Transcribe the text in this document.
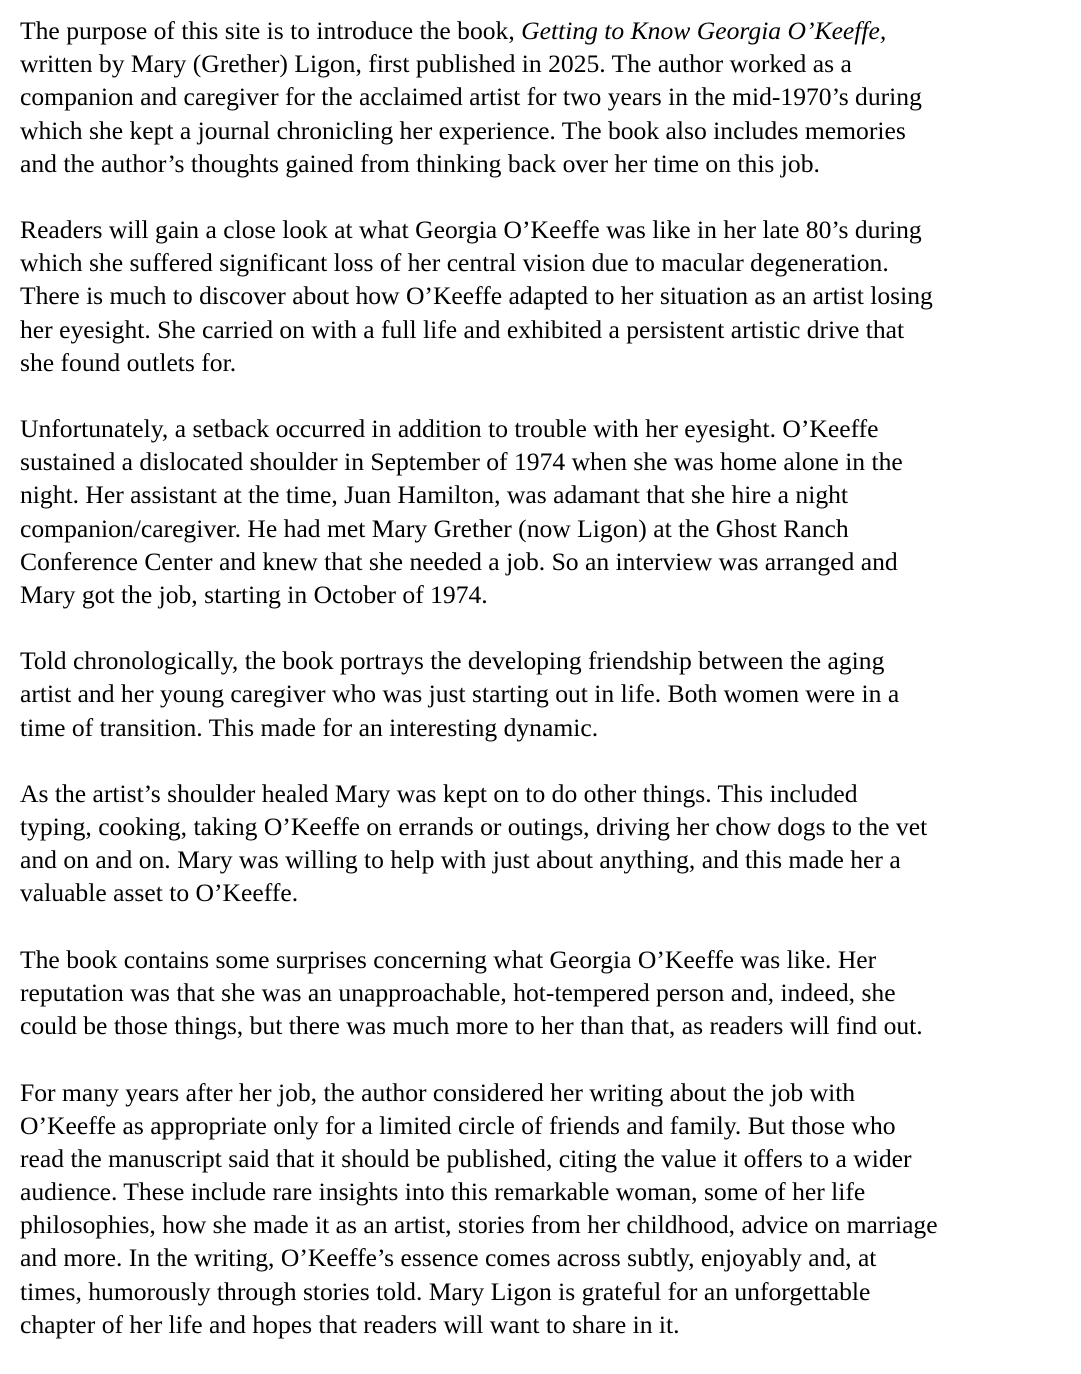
The purpose of this site is to introduce the book, Getting to Know Georgia O’Keeffe,
written by Mary (Grether) Ligon, first published in 2025. The author worked as a
companion and caregiver for the acclaimed artist for two years in the mid-1970’s during
which she kept a journal chronicling her experience. The book also includes memories
and the author’s thoughts gained from thinking back over her time on this job.
Readers will gain a close look at what Georgia O’Keeffe was like in her late 80’s during
which she suffered significant loss of her central vision due to macular degeneration.
There is much to discover about how O’Keeffe adapted to her situation as an artist losing
her eyesight. She carried on with a full life and exhibited a persistent artistic drive that
she found outlets for.
Unfortunately, a setback occurred in addition to trouble with her eyesight. O’Keeffe
sustained a dislocated shoulder in September of 1974 when she was home alone in the
night. Her assistant at the time, Juan Hamilton, was adamant that she hire a night
companion/caregiver. He had met Mary Grether (now Ligon) at the Ghost Ranch
Conference Center and knew that she needed a job. So an interview was arranged and
Mary got the job, starting in October of 1974.
Told chronologically, the book portrays the developing friendship between the aging
artist and her young caregiver who was just starting out in life. Both women were in a
time of transition. This made for an interesting dynamic.
As the artist’s shoulder healed Mary was kept on to do other things. This included
typing, cooking, taking O’Keeffe on errands or outings, driving her chow dogs to the vet
and on and on. Mary was willing to help with just about anything, and this made her a
valuable asset to O’Keeffe.
The book contains some surprises concerning what Georgia O’Keeffe was like. Her
reputation was that she was an unapproachable, hot-tempered person and, indeed, she
could be those things, but there was much more to her than that, as readers will find out.
For many years after her job, the author considered her writing about the job with
O’Keeffe as appropriate only for a limited circle of friends and family. But those who
read the manuscript said that it should be published, citing the value it offers to a wider
audience. These include rare insights into this remarkable woman, some of her life
philosophies, how she made it as an artist, stories from her childhood, advice on marriage
and more. In the writing, O’Keeffe’s essence comes across subtly, enjoyably and, at
times, humorously through stories told. Mary Ligon is grateful for an unforgettable
chapter of her life and hopes that readers will want to share in it.
